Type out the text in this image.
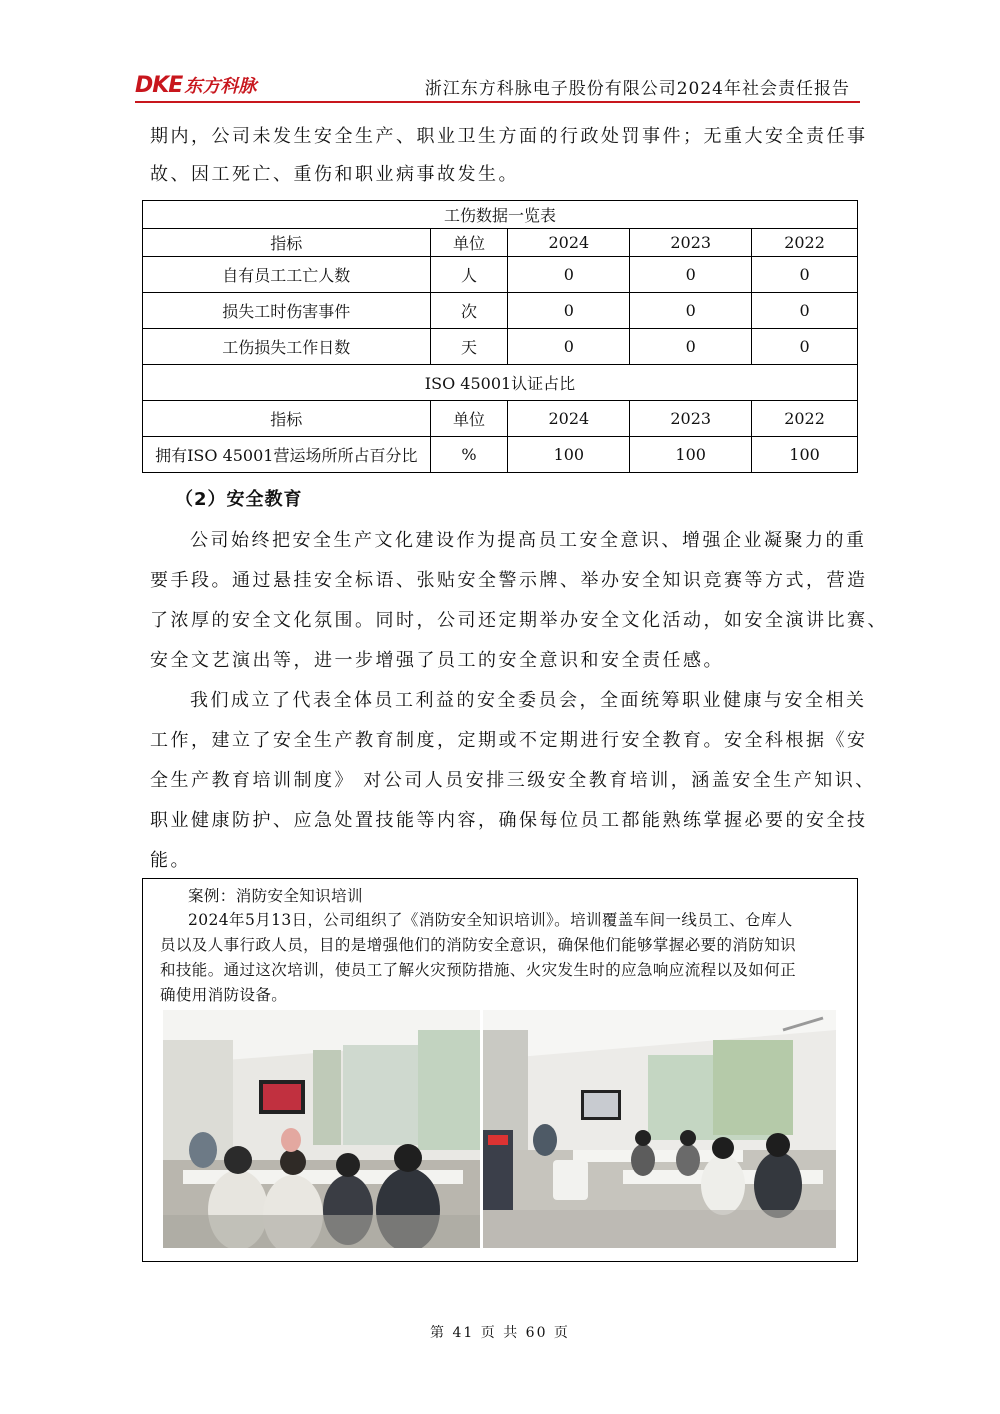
DKE 东方科脉	浙江东方科脉电子股份有限公司2024年社会责任报告
期内，公司未发生安全生产、职业卫生方面的行政处罚事件；无重大安全责任事
故、因工死亡、重伤和职业病事故发生。
工伤数据一览表				
指标	单位	2024	2023	2022
自有员工工亡人数	人	0	0	0
损失工时伤害事件	次	0	0	0
工伤损失工作日数	天	0	0	0
ISO 45001认证占比				
指标	单位	2024	2023	2022
拥有ISO 45001营运场所所占百分比	%	100	100	100
（2）安全教育
公司始终把安全生产文化建设作为提高员工安全意识、增强企业凝聚力的重
要手段。通过悬挂安全标语、张贴安全警示牌、举办安全知识竞赛等方式，营造
了浓厚的安全文化氛围。同时，公司还定期举办安全文化活动，如安全演讲比赛、
安全文艺演出等，进一步增强了员工的安全意识和安全责任感。
我们成立了代表全体员工利益的安全委员会，全面统筹职业健康与安全相关
工作，建立了安全生产教育制度，定期或不定期进行安全教育。安全科根据《安
全生产教育培训制度》 对公司人员安排三级安全教育培训，涵盖安全生产知识、
职业健康防护、应急处置技能等内容，确保每位员工都能熟练掌握必要的安全技
能。
案例：消防安全知识培训
2024年5月13日，公司组织了《消防安全知识培训》。培训覆盖车间一线员工、仓库人
员以及人事行政人员，目的是增强他们的消防安全意识，确保他们能够掌握必要的消防知识
和技能。通过这次培训，使员工了解火灾预防措施、火灾发生时的应急响应流程以及如何正
确使用消防设备。
第 41 页 共 60 页
